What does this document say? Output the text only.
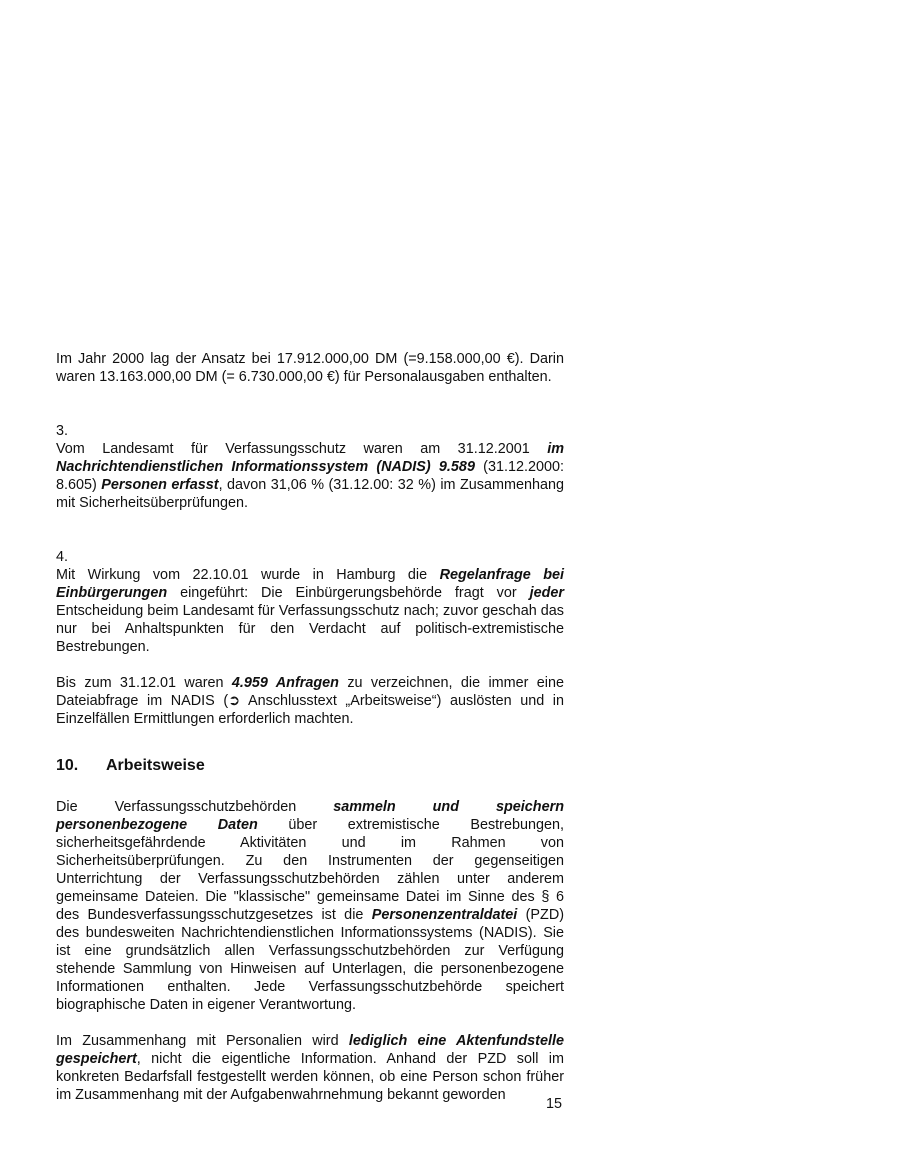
Im Jahr 2000 lag der Ansatz bei 17.912.000,00 DM (=9.158.000,00 €). Darin waren 13.163.000,00 DM (= 6.730.000,00 €) für Personalausgaben enthalten.

3.

Vom Landesamt für Verfassungsschutz waren am 31.12.2001 im Nachrichtendienstlichen Informationssystem (NADIS) 9.589 (31.12.2000: 8.605) Personen erfasst, davon 31,06 % (31.12.00: 32 %) im Zusammenhang mit Sicherheitsüberprüfungen.

4.

Mit Wirkung vom 22.10.01 wurde in Hamburg die Regelanfrage bei Einbürgerungen eingeführt: Die Einbürgerungsbehörde fragt vor jeder Entscheidung beim Landesamt für Verfassungsschutz nach; zuvor geschah das nur bei Anhaltspunkten für den Verdacht auf politisch-extremistische Bestrebungen.

Bis zum 31.12.01 waren 4.959 Anfragen zu verzeichnen, die immer eine Dateiabfrage im NADIS (➲ Anschlusstext „Arbeitsweise“) auslösten und in Einzelfällen Ermittlungen erforderlich machten.

10.	Arbeitsweise

Die Verfassungsschutzbehörden sammeln und speichern personenbezogene Daten über extremistische Bestrebungen, sicherheitsgefährdende Aktivitäten und im Rahmen von Sicherheitsüberprüfungen. Zu den Instrumenten der gegenseitigen Unterrichtung der Verfassungsschutzbehörden zählen unter anderem gemeinsame Dateien. Die "klassische" gemeinsame Datei im Sinne des § 6 des Bundesverfassungsschutzgesetzes ist die Personenzentraldatei (PZD) des bundesweiten Nachrichtendienstlichen Informationssystems (NADIS). Sie ist eine grundsätzlich allen Verfassungsschutzbehörden zur Verfügung stehende Sammlung von Hinweisen auf Unterlagen, die personenbezogene Informationen enthalten. Jede Verfassungsschutzbehörde speichert biographische Daten in eigener Verantwortung.

Im Zusammenhang mit Personalien wird lediglich eine Aktenfundstelle gespeichert, nicht die eigentliche Information. Anhand der PZD soll im konkreten Bedarfsfall festgestellt werden können, ob eine Person schon früher im Zusammenhang mit der Aufgabenwahrnehmung bekannt geworden

15
